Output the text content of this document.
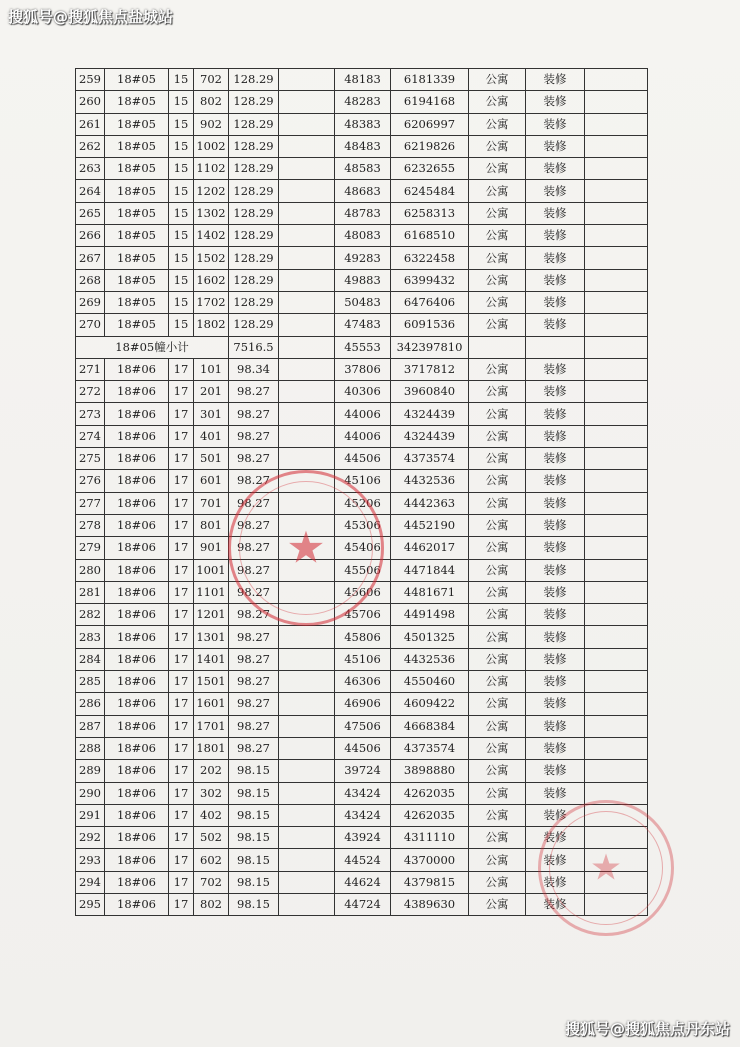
搜狐号@搜狐焦点盐城站
259	18#05	15	702	128.29		48183	6181339	公寓	装修	
260	18#05	15	802	128.29		48283	6194168	公寓	装修	
261	18#05	15	902	128.29		48383	6206997	公寓	装修	
262	18#05	15	1002	128.29		48483	6219826	公寓	装修	
263	18#05	15	1102	128.29		48583	6232655	公寓	装修	
264	18#05	15	1202	128.29		48683	6245484	公寓	装修	
265	18#05	15	1302	128.29		48783	6258313	公寓	装修	
266	18#05	15	1402	128.29		48083	6168510	公寓	装修	
267	18#05	15	1502	128.29		49283	6322458	公寓	装修	
268	18#05	15	1602	128.29		49883	6399432	公寓	装修	
269	18#05	15	1702	128.29		50483	6476406	公寓	装修	
270	18#05	15	1802	128.29		47483	6091536	公寓	装修	
18#05幢小计				7516.5		45553	342397810			
271	18#06	17	101	98.34		37806	3717812	公寓	装修	
272	18#06	17	201	98.27		40306	3960840	公寓	装修	
273	18#06	17	301	98.27		44006	4324439	公寓	装修	
274	18#06	17	401	98.27		44006	4324439	公寓	装修	
275	18#06	17	501	98.27		44506	4373574	公寓	装修	
276	18#06	17	601	98.27		45106	4432536	公寓	装修	
277	18#06	17	701	98.27		45206	4442363	公寓	装修	
278	18#06	17	801	98.27		45306	4452190	公寓	装修	
279	18#06	17	901	98.27		45406	4462017	公寓	装修	
280	18#06	17	1001	98.27		45506	4471844	公寓	装修	
281	18#06	17	1101	98.27		45606	4481671	公寓	装修	
282	18#06	17	1201	98.27		45706	4491498	公寓	装修	
283	18#06	17	1301	98.27		45806	4501325	公寓	装修	
284	18#06	17	1401	98.27		45106	4432536	公寓	装修	
285	18#06	17	1501	98.27		46306	4550460	公寓	装修	
286	18#06	17	1601	98.27		46906	4609422	公寓	装修	
287	18#06	17	1701	98.27		47506	4668384	公寓	装修	
288	18#06	17	1801	98.27		44506	4373574	公寓	装修	
289	18#06	17	202	98.15		39724	3898880	公寓	装修	
290	18#06	17	302	98.15		43424	4262035	公寓	装修	
291	18#06	17	402	98.15		43424	4262035	公寓	装修	
292	18#06	17	502	98.15		43924	4311110	公寓	装修	
293	18#06	17	602	98.15		44524	4370000	公寓	装修	
294	18#06	17	702	98.15		44624	4379815	公寓	装修	
295	18#06	17	802	98.15		44724	4389630	公寓	装修	
★
★
搜狐号@搜狐焦点丹东站
